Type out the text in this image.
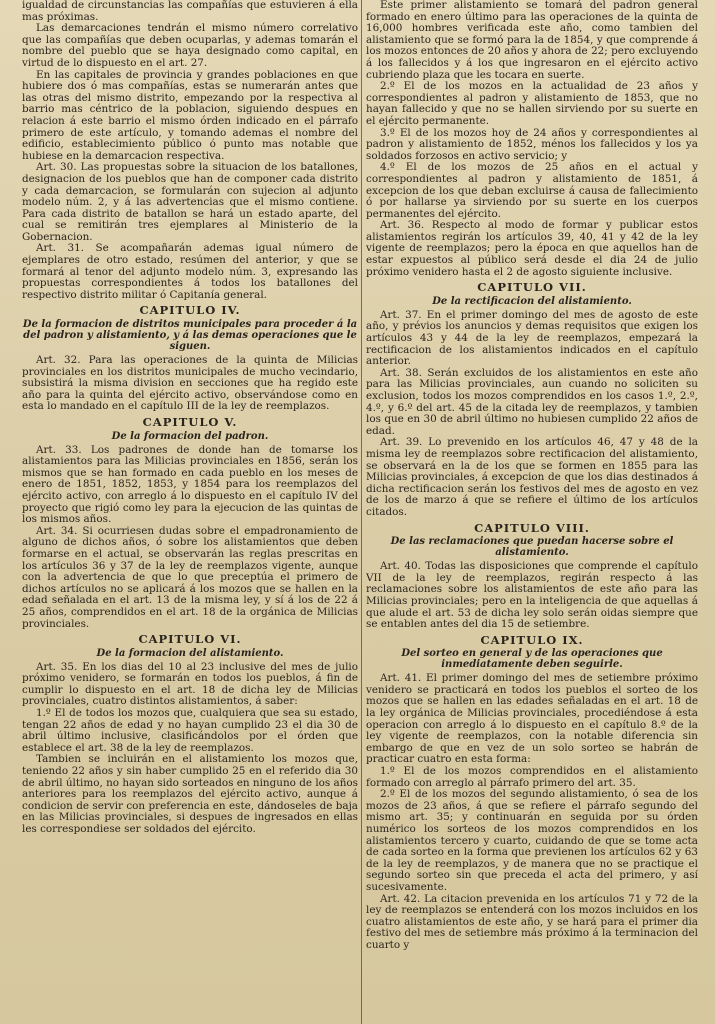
igualdad de circunstancias las compañías que estuvieren á ella mas próximas.

Las demarcaciones tendrán el mismo número correlativo que las compañías que deben ocuparlas, y ademas tomarán el nombre del pueblo que se haya designado como capital, en virtud de lo dispuesto en el art. 27.

En las capitales de provincia y grandes poblaciones en que hubiere dos ó mas compañías, estas se numerarán antes que las otras del mismo distrito, empezando por la respectiva al barrio mas céntrico de la poblacion, siguiendo despues en relacion á este barrio el mismo órden indicado en el párrafo primero de este artículo, y tomando ademas el nombre del edificio, establecimiento público ó punto mas notable que hubiese en la demarcacion respectiva.

Art. 30. Las propuestas sobre la situacion de los batallones, designacion de los pueblos que han de componer cada distrito y cada demarcacion, se formularán con sujecion al adjunto modelo núm. 2, y á las advertencias que el mismo contiene. Para cada distrito de batallon se hará un estado aparte, del cual se remitirán tres ejemplares al Ministerio de la Gobernacion.

Art. 31. Se acompañarán ademas igual número de ejemplares de otro estado, resúmen del anterior, y que se formará al tenor del adjunto modelo núm. 3, expresando las propuestas correspondientes á todos los batallones del respectivo distrito militar ó Capitanía general.

CAPITULO IV.
De la formacion de distritos municipales para proceder á la del padron y alistamiento, y á las demas operaciones que le siguen.

Art. 32. Para las operaciones de la quinta de Milicias provinciales en los distritos municipales de mucho vecindario, subsistirá la misma division en secciones que ha regido este año para la quinta del ejército activo, observándose como en esta lo mandado en el capítulo III de la ley de reemplazos.

CAPITULO V.
De la formacion del padron.

Art. 33. Los padrones de donde han de tomarse los alistamientos para las Milicias provinciales en 1856, serán los mismos que se han formado en cada pueblo en los meses de enero de 1851, 1852, 1853, y 1854 para los reemplazos del ejército activo, con arreglo á lo dispuesto en el capítulo IV del proyecto que rigió como ley para la ejecucion de las quintas de los mismos años.

Art. 34. Si ocurriesen dudas sobre el empadronamiento de alguno de dichos años, ó sobre los alistamientos que deben formarse en el actual, se observarán las reglas prescritas en los artículos 36 y 37 de la ley de reemplazos vigente, aunque con la advertencia de que lo que preceptúa el primero de dichos artículos no se aplicará á los mozos que se hallen en la edad señalada en el art. 13 de la misma ley, y sí á los de 22 á 25 años, comprendidos en el art. 18 de la orgánica de Milicias provinciales.

CAPITULO VI.
De la formacion del alistamiento.

Art. 35. En los dias del 10 al 23 inclusive del mes de julio próximo venidero, se formarán en todos los pueblos, á fin de cumplir lo dispuesto en el art. 18 de dicha ley de Milicias provinciales, cuatro distintos alistamientos, á saber:

1.º El de todos los mozos que, cualquiera que sea su estado, tengan 22 años de edad y no hayan cumplido 23 el dia 30 de abril último inclusive, clasificándolos por el órden que establece el art. 38 de la ley de reemplazos.

Tambien se incluirán en el alistamiento los mozos que, teniendo 22 años y sin haber cumplido 25 en el referido dia 30 de abril último, no hayan sido sorteados en ninguno de los años anteriores para los reemplazos del ejército activo, aunque á condicion de servir con preferencia en este, dándoseles de baja en las Milicias provinciales, si despues de ingresados en ellas les correspondiese ser soldados del ejército.

Este primer alistamiento se tomará del padron general formado en enero último para las operaciones de la quinta de 16,000 hombres verificada este año, como tambien del alistamiento que se formó para la de 1854, y que comprende á los mozos entonces de 20 años y ahora de 22; pero excluyendo á los fallecidos y á los que ingresaron en el ejército activo cubriendo plaza que les tocara en suerte.

2.º El de los mozos en la actualidad de 23 años y correspondientes al padron y alistamiento de 1853, que no hayan fallecido y que no se hallen sirviendo por su suerte en el ejército permanente.

3.º El de los mozos hoy de 24 años y correspondientes al padron y alistamiento de 1852, ménos los fallecidos y los ya soldados forzosos en activo servicio; y

4.º El de los mozos de 25 años en el actual y correspondientes al padron y alistamiento de 1851, á excepcion de los que deban excluirse á causa de fallecimiento ó por hallarse ya sirviendo por su suerte en los cuerpos permanentes del ejército.

Art. 36. Respecto al modo de formar y publicar estos alistamientos regirán los artículos 39, 40, 41 y 42 de la ley vigente de reemplazos; pero la época en que aquellos han de estar expuestos al público será desde el dia 24 de julio próximo venidero hasta el 2 de agosto siguiente inclusive.

CAPITULO VII.
De la rectificacion del alistamiento.

Art. 37. En el primer domingo del mes de agosto de este año, y prévios los anuncios y demas requisitos que exigen los artículos 43 y 44 de la ley de reemplazos, empezará la rectificacion de los alistamientos indicados en el capítulo anterior.

Art. 38. Serán excluidos de los alistamientos en este año para las Milicias provinciales, aun cuando no soliciten su exclusion, todos los mozos comprendidos en los casos 1.º, 2.º, 4.º, y 6.º del art. 45 de la citada ley de reemplazos, y tambien los que en 30 de abril último no hubiesen cumplido 22 años de edad.

Art. 39. Lo prevenido en los artículos 46, 47 y 48 de la misma ley de reemplazos sobre rectificacion del alistamiento, se observará en la de los que se formen en 1855 para las Milicias provinciales, á excepcion de que los dias destinados á dicha rectificacion serán los festivos del mes de agosto en vez de los de marzo á que se refiere el último de los artículos citados.

CAPITULO VIII.
De las reclamaciones que puedan hacerse sobre el alistamiento.

Art. 40. Todas las disposiciones que comprende el capítulo VII de la ley de reemplazos, regirán respecto á las reclamaciones sobre los alistamientos de este año para las Milicias provinciales; pero en la inteligencia de que aquellas á que alude el art. 53 de dicha ley solo serán oidas siempre que se entablen antes del dia 15 de setiembre.

CAPITULO IX.
Del sorteo en general y de las operaciones que inmediatamente deben seguirle.

Art. 41. El primer domingo del mes de setiembre próximo venidero se practicará en todos los pueblos el sorteo de los mozos que se hallen en las edades señaladas en el art. 18 de la ley orgánica de Milicias provinciales, procediéndose á esta operacion con arreglo á lo dispuesto en el capítulo 8.º de la ley vigente de reemplazos, con la notable diferencia sin embargo de que en vez de un solo sorteo se habrán de practicar cuatro en esta forma:

1.º El de los mozos comprendidos en el alistamiento formado con arreglo al párrafo primero del art. 35.

2.º El de los mozos del segundo alistamiento, ó sea de los mozos de 23 años, á que se refiere el párrafo segundo del mismo art. 35; y continuarán en seguida por su órden numérico los sorteos de los mozos comprendidos en los alistamientos tercero y cuarto, cuidando de que se tome acta de cada sorteo en la forma que previenen los artículos 62 y 63 de la ley de reemplazos, y de manera que no se practique el segundo sorteo sin que preceda el acta del primero, y así sucesivamente.

Art. 42. La citacion prevenida en los artículos 71 y 72 de la ley de reemplazos se entenderá con los mozos incluidos en los cuatro alistamientos de este año, y se hará para el primer dia festivo del mes de setiembre más próximo á la terminacion del cuarto y
